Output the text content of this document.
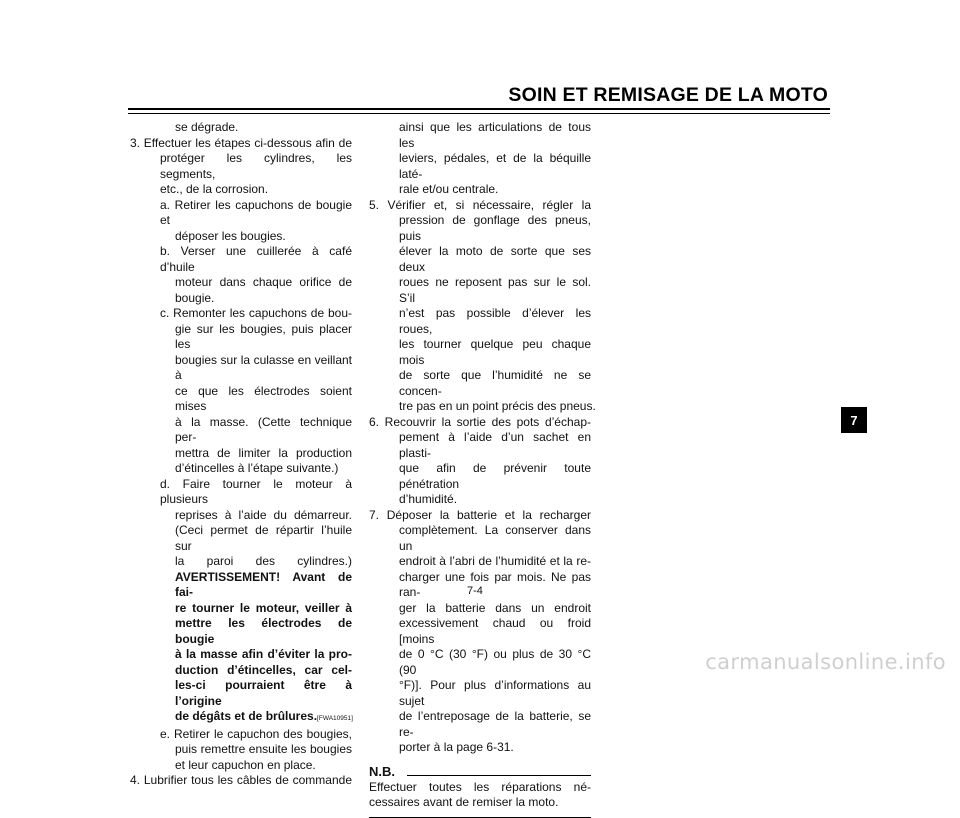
SOIN ET REMISAGE DE LA MOTO
se dégrade.
3. Effectuer les étapes ci-dessous afin de
protéger les cylindres, les segments,
etc., de la corrosion.
a. Retirer les capuchons de bougie et
déposer les bougies.
b. Verser une cuillerée à café d’huile
moteur dans chaque orifice de
bougie.
c. Remonter les capuchons de bou-
gie sur les bougies, puis placer les
bougies sur la culasse en veillant à
ce que les électrodes soient mises
à la masse. (Cette technique per-
mettra de limiter la production
d’étincelles à l’étape suivante.)
d. Faire tourner le moteur à plusieurs
reprises à l’aide du démarreur.
(Ceci permet de répartir l’huile sur
la paroi des cylindres.)
AVERTISSEMENT! Avant de fai-
re tourner le moteur, veiller à
mettre les électrodes de bougie
à la masse afin d’éviter la pro-
duction d’étincelles, car cel-
les-ci pourraient être à l’origine
de dégâts et de brûlures.[FWA10951]
e. Retirer le capuchon des bougies,
puis remettre ensuite les bougies
et leur capuchon en place.
4. Lubrifier tous les câbles de commande
ainsi que les articulations de tous les
leviers, pédales, et de la béquille laté-
rale et/ou centrale.
5. Vérifier et, si nécessaire, régler la
pression de gonflage des pneus, puis
élever la moto de sorte que ses deux
roues ne reposent pas sur le sol. S’il
n’est pas possible d’élever les roues,
les tourner quelque peu chaque mois
de sorte que l’humidité ne se concen-
tre pas en un point précis des pneus.
6. Recouvrir la sortie des pots d’échap-
pement à l’aide d’un sachet en plasti-
que afin de prévenir toute pénétration
d’humidité.
7. Déposer la batterie et la recharger
complètement. La conserver dans un
endroit à l’abri de l’humidité et la re-
charger une fois par mois. Ne pas ran-
ger la batterie dans un endroit
excessivement chaud ou froid [moins
de 0 °C (30 °F) ou plus de 30 °C (90
°F)]. Pour plus d’informations au sujet
de l’entreposage de la batterie, se re-
porter à la page 6-31.
N.B.
Effectuer toutes les réparations né-
cessaires avant de remiser la moto.
7-4
7
carmanualsonline.info
